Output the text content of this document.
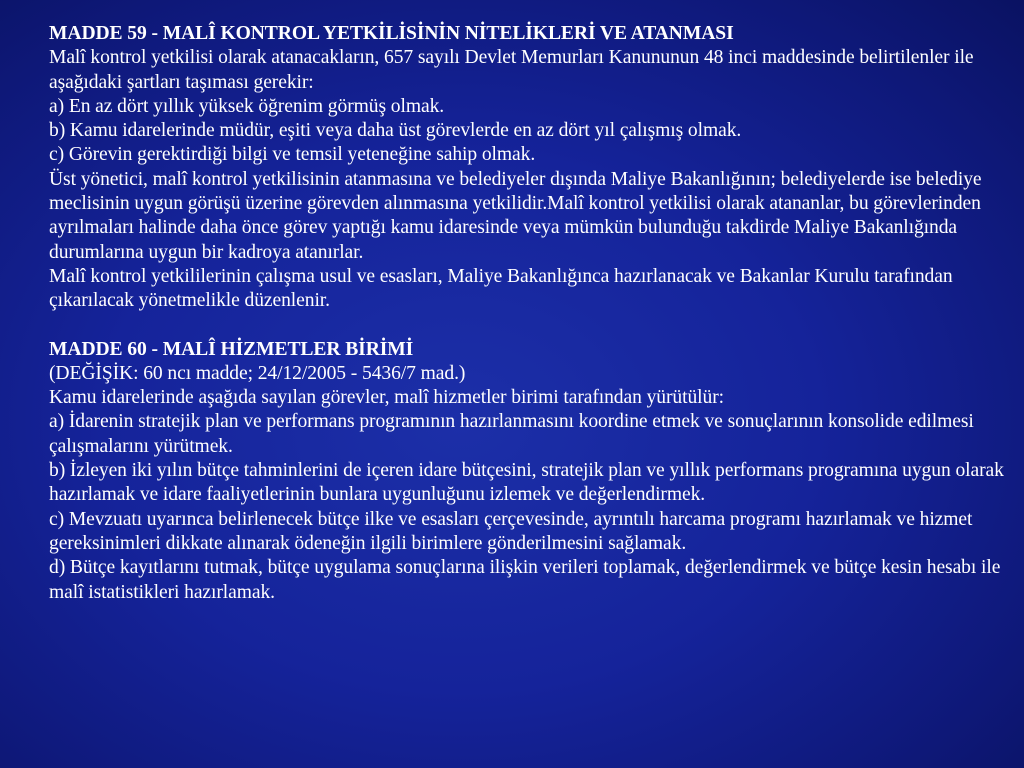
MADDE 59 - MALÎ KONTROL YETKİLİSİNİN NİTELİKLERİ VE ATANMASI

Malî kontrol yetkilisi olarak atanacakların, 657 sayılı Devlet Memurları Kanununun 48 inci maddesinde belirtilenler ile aşağıdaki şartları taşıması gerekir:

a) En az dört yıllık yüksek öğrenim görmüş olmak.

b) Kamu idarelerinde müdür, eşiti veya daha üst görevlerde en az dört yıl çalışmış olmak.

c) Görevin gerektirdiği bilgi ve temsil yeteneğine sahip olmak.

Üst yönetici, malî kontrol yetkilisinin atanmasına ve belediyeler dışında Maliye Bakanlığının; belediyelerde ise belediye meclisinin uygun görüşü üzerine görevden alınmasına yetkilidir.Malî kontrol yetkilisi olarak atananlar, bu görevlerinden ayrılmaları halinde daha önce görev yaptığı kamu idaresinde veya mümkün bulunduğu takdirde Maliye Bakanlığında durumlarına uygun bir kadroya atanırlar.

Malî kontrol yetkililerinin çalışma usul ve esasları, Maliye Bakanlığınca hazırlanacak ve Bakanlar Kurulu tarafından çıkarılacak yönetmelikle düzenlenir.

MADDE 60 - MALÎ HİZMETLER BİRİMİ

(DEĞİŞİK: 60 ncı madde; 24/12/2005 - 5436/7 mad.)

Kamu idarelerinde aşağıda sayılan görevler, malî hizmetler birimi tarafından yürütülür:

a) İdarenin stratejik plan ve performans programının hazırlanmasını koordine etmek ve sonuçlarının konsolide edilmesi çalışmalarını yürütmek.

b) İzleyen iki yılın bütçe tahminlerini de içeren idare bütçesini, stratejik plan ve yıllık performans programına uygun olarak hazırlamak ve idare faaliyetlerinin bunlara uygunluğunu izlemek ve değerlendirmek.

c) Mevzuatı uyarınca belirlenecek bütçe ilke ve esasları çerçevesinde, ayrıntılı harcama programı hazırlamak ve hizmet gereksinimleri dikkate alınarak ödeneğin ilgili birimlere gönderilmesini sağlamak.

d) Bütçe kayıtlarını tutmak, bütçe uygulama sonuçlarına ilişkin verileri toplamak, değerlendirmek ve bütçe kesin hesabı ile malî istatistikleri hazırlamak.
